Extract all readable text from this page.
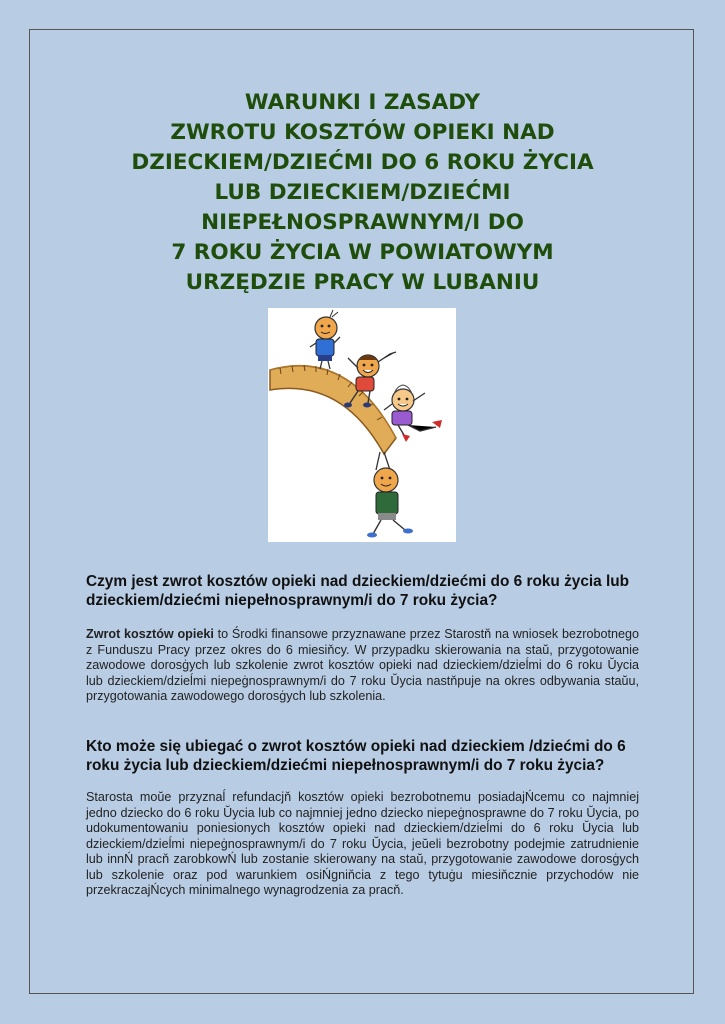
WARUNKI I ZASADY
ZWROTU KOSZTÓW OPIEKI NAD
DZIECKIEM/DZIEĆMI DO 6 ROKU ŻYCIA
LUB DZIECKIEM/DZIEĆMI
NIEPEŁNOSPRAWNYM/I DO
7 ROKU ŻYCIA W POWIATOWYM
URZĘDZIE PRACY W LUBANIU
Czym jest zwrot kosztów opieki nad dzieckiem/dziećmi do 6 roku życia lub dzieckiem/dziećmi niepełnosprawnym/i do 7 roku życia?

Zwrot kosztów opieki to Środki finansowe przyznawane przez Starostň na wniosek bezrobotnego z Funduszu Pracy przez okres do 6 miesiňcy. W przypadku skierowania na staŭ, przygotowanie zawodowe dorosġych lub szkolenie zwrot kosztów opieki nad dzieckiem/dzieĺmi do 6 roku Ŭycia lub dzieckiem/dzieĺmi niepeġnosprawnym/i do 7 roku Ŭycia nastňpuje na okres odbywania staŭu, przygotowania zawodowego dorosġych lub szkolenia.

Kto może się ubiegać o zwrot kosztów opieki nad dzieckiem /dziećmi do 6 roku życia lub dzieckiem/dziećmi niepełnosprawnym/i do 7 roku życia?

Starosta moŭe przyznaĺ refundacjň kosztów opieki bezrobotnemu posiadajŃcemu co najmniej jedno dziecko do 6 roku Ŭycia lub co najmniej jedno dziecko niepeġnosprawne do 7 roku Ŭycia, po udokumentowaniu poniesionych kosztów opieki nad dzieckiem/dzieĺmi do 6 roku Ŭycia lub dzieckiem/dzieĺmi niepeġnosprawnym/i do 7 roku Ŭycia, jeŭeli bezrobotny podejmie zatrudnienie lub innŃ pracň zarobkowŃ lub zostanie skierowany na staŭ, przygotowanie zawodowe dorosġych lub szkolenie oraz pod warunkiem osiŃgniňcia z tego tytuġu miesiňcznie przychodów nie przekraczajŃcych minimalnego wynagrodzenia za pracň.
